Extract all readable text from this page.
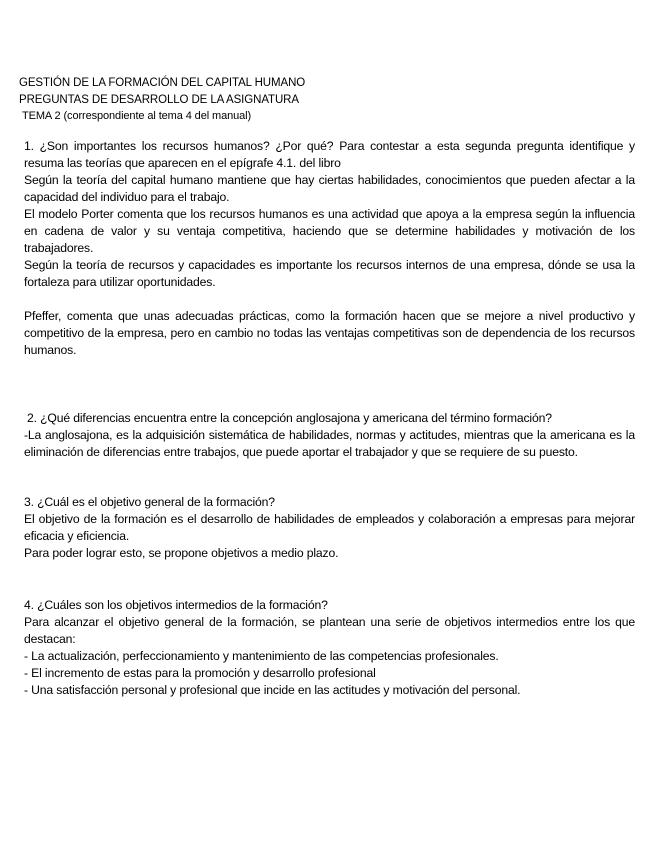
GESTIÓN DE LA FORMACIÓN DEL CAPITAL HUMANO
PREGUNTAS DE DESARROLLO DE LA ASIGNATURA
TEMA 2 (correspondiente al tema 4 del manual)

1. ¿Son importantes los recursos humanos? ¿Por qué? Para contestar a esta segunda pregunta identifique y resuma las teorías que aparecen en el epígrafe 4.1. del libro

Según la teoría del capital humano mantiene que hay ciertas habilidades, conocimientos que pueden afectar a la capacidad del individuo para el trabajo.

El modelo Porter comenta que los recursos humanos es una actividad que apoya a la empresa según la influencia en cadena de valor y su ventaja competitiva, haciendo que se determine habilidades y motivación de los trabajadores.

Según la teoría de recursos y capacidades es importante los recursos internos de una empresa, dónde se usa la fortaleza para utilizar oportunidades.

Pfeffer, comenta que unas adecuadas prácticas, como la formación hacen que se mejore a nivel productivo y competitivo de la empresa, pero en cambio no todas las ventajas competitivas son de dependencia de los recursos humanos.

2. ¿Qué diferencias encuentra entre la concepción anglosajona y americana del término formación?

-La anglosajona, es la adquisición sistemática de habilidades, normas y actitudes, mientras que la americana es la eliminación de diferencias entre trabajos, que puede aportar el trabajador y que se requiere de su puesto.

3. ¿Cuál es el objetivo general de la formación?

El objetivo de la formación es el desarrollo de habilidades de empleados y colaboración a empresas para mejorar eficacia y eficiencia.

Para poder lograr esto, se propone objetivos a medio plazo.

4. ¿Cuáles son los objetivos intermedios de la formación?

Para alcanzar el objetivo general de la formación, se plantean una serie de objetivos intermedios entre los que destacan:

- La actualización, perfeccionamiento y mantenimiento de las competencias profesionales.

- El incremento de estas para la promoción y desarrollo profesional

- Una satisfacción personal y profesional que incide en las actitudes y motivación del personal.
